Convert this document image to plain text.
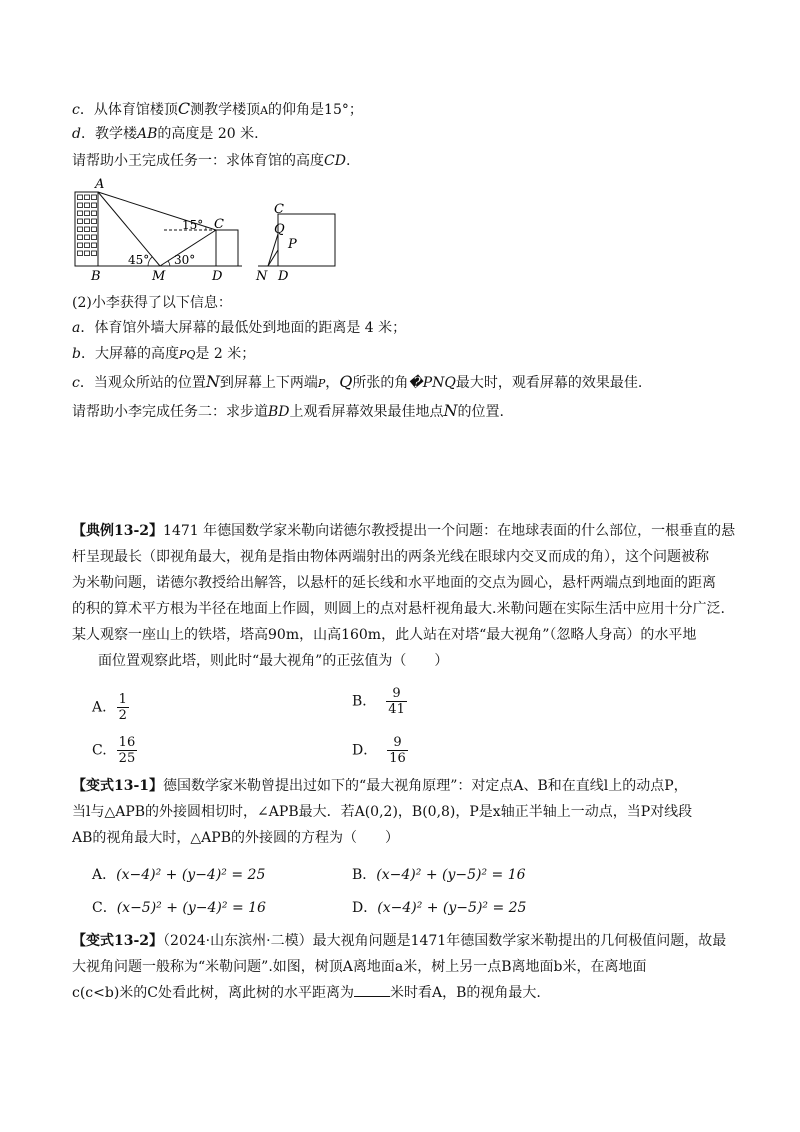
c．从体育馆楼顶C测教学楼顶A的仰角是15°；
d．教学楼AB的高度是 20 米.
请帮助小王完成任务一：求体育馆的高度CD.
A
B	M	D
C
15°
45° 30°
C
Q
P
N D
(2)小李获得了以下信息：
a．体育馆外墙大屏幕的最低处到地面的距离是 4 米；
b．大屏幕的高度PQ是 2 米；
c．当观众所站的位置N到屏幕上下两端P，Q所张的角�PNQ最大时，观看屏幕的效果最佳.
请帮助小李完成任务二：求步道BD上观看屏幕效果最佳地点N的位置.

【典例13-2】1471 年德国数学家米勒向诺德尔教授提出一个问题：在地球表面的什么部位，一根垂直的悬

杆呈现最长（即视角最大，视角是指由物体两端射出的两条光线在眼球内交叉而成的角），这个问题被称

为米勒问题，诺德尔教授给出解答，以悬杆的延长线和水平地面的交点为圆心，悬杆两端点到地面的距离

的积的算术平方根为半径在地面上作圆，则圆上的点对悬杆视角最大.米勒问题在实际生活中应用十分广泛.

某人观察一座山上的铁塔，塔高90m，山高160m，此人站在对塔“最大视角”（忽略人身高）的水平地

面位置观察此塔，则此时“最大视角”的正弦值为（　　）

A. $\frac{1}{2}$	B． $\frac{9}{41}$
C. $\frac{16}{25}$	D． $\frac{9}{16}$

【变式13-1】德国数学家米勒曾提出过如下的“最大视角原理”：对定点A、B和在直线l上的动点P，

当l与△APB的外接圆相切时，∠APB最大．若A(0,2)，B(0,8)，P是x轴正半轴上一动点，当P对线段

AB的视角最大时，△APB的外接圆的方程为（　　）

A．(x−4)² + (y−4)² = 25	B．(x−4)² + (y−5)² = 16
C．(x−5)² + (y−4)² = 16	D．(x−4)² + (y−5)² = 25

【变式13-2】（2024·山东滨州·二模）最大视角问题是1471年德国数学家米勒提出的几何极值问题，故最

大视角问题一般称为“米勒问题”.如图，树顶A离地面a米，树上另一点B离地面b米，在离地面

c(c<b)米的C处看此树，离此树的水平距离为	米时看A，B的视角最大.
